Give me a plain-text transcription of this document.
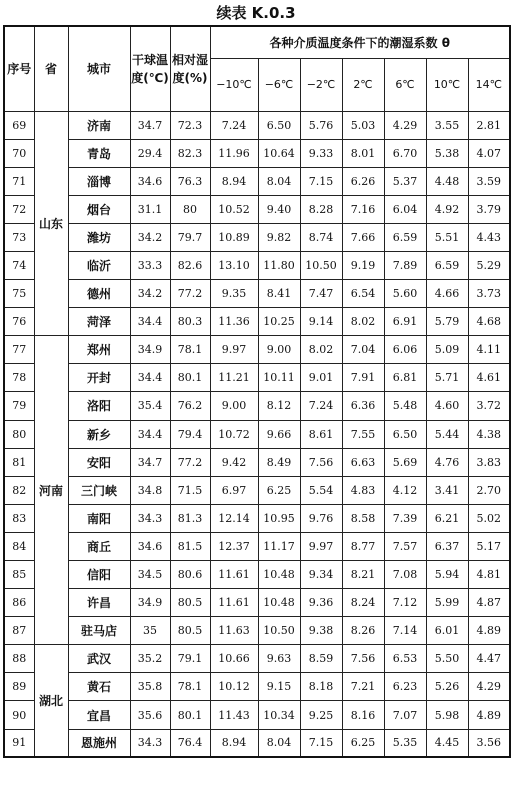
续表 K.0.3
序号	省	城市	干球温度(℃)	相对湿度(%)	各种介质温度条件下的潮湿系数 θ						
					−10℃	−6℃	−2℃	2℃	6℃	10℃	14℃
69	山东	济南	34.7	72.3	7.24	6.50	5.76	5.03	4.29	3.55	2.81
70		青岛	29.4	82.3	11.96	10.64	9.33	8.01	6.70	5.38	4.07
71		淄博	34.6	76.3	8.94	8.04	7.15	6.26	5.37	4.48	3.59
72		烟台	31.1	80	10.52	9.40	8.28	7.16	6.04	4.92	3.79
73		潍坊	34.2	79.7	10.89	9.82	8.74	7.66	6.59	5.51	4.43
74		临沂	33.3	82.6	13.10	11.80	10.50	9.19	7.89	6.59	5.29
75		德州	34.2	77.2	9.35	8.41	7.47	6.54	5.60	4.66	3.73
76		菏泽	34.4	80.3	11.36	10.25	9.14	8.02	6.91	5.79	4.68
77	河南	郑州	34.9	78.1	9.97	9.00	8.02	7.04	6.06	5.09	4.11
78		开封	34.4	80.1	11.21	10.11	9.01	7.91	6.81	5.71	4.61
79		洛阳	35.4	76.2	9.00	8.12	7.24	6.36	5.48	4.60	3.72
80		新乡	34.4	79.4	10.72	9.66	8.61	7.55	6.50	5.44	4.38
81		安阳	34.7	77.2	9.42	8.49	7.56	6.63	5.69	4.76	3.83
82		三门峡	34.8	71.5	6.97	6.25	5.54	4.83	4.12	3.41	2.70
83		南阳	34.3	81.3	12.14	10.95	9.76	8.58	7.39	6.21	5.02
84		商丘	34.6	81.5	12.37	11.17	9.97	8.77	7.57	6.37	5.17
85		信阳	34.5	80.6	11.61	10.48	9.34	8.21	7.08	5.94	4.81
86		许昌	34.9	80.5	11.61	10.48	9.36	8.24	7.12	5.99	4.87
87		驻马店	35	80.5	11.63	10.50	9.38	8.26	7.14	6.01	4.89
88	湖北	武汉	35.2	79.1	10.66	9.63	8.59	7.56	6.53	5.50	4.47
89		黄石	35.8	78.1	10.12	9.15	8.18	7.21	6.23	5.26	4.29
90		宜昌	35.6	80.1	11.43	10.34	9.25	8.16	7.07	5.98	4.89
91		恩施州	34.3	76.4	8.94	8.04	7.15	6.25	5.35	4.45	3.56
